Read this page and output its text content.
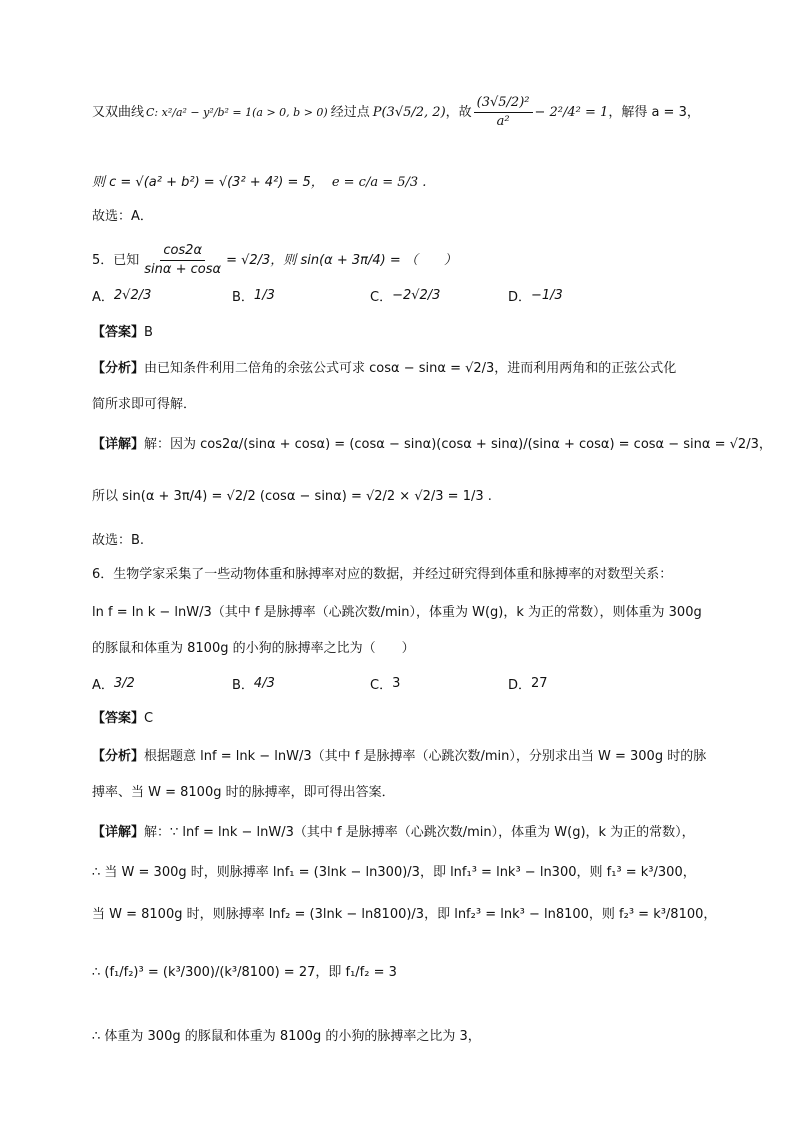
又双曲线 C: x²/a² − y²/b² = 1(a > 0, b > 0) 经过点 P(3√5/2, 2) ，故 $\frac{\text{(3√5/2)²}}{\text{a²}} - 2^2/4^2 = 1$ ，解得 a = 3，
则 c = √(a² + b²) = √(3² + 4²) = 5， e = c/a = 5/3 .
故选：A．
5．已知 $\frac{\cos 2\alpha}{\sin\alpha + \cos\alpha} = √2/3$，则 sin(α + 3π/4) = （　　）
A． 2√2/3	B． 1/3	C． −2√2/3	D． −1/3
【答案】 B
【分析】 由已知条件利用二倍角的余弦公式可求 cosα − sinα = √2/3，进而利用两角和的正弦公式化
简所求即可得解．
【详解】 解：因为 cos2α/(sinα + cosα) = (cosα − sinα)(cosα + sinα)/(sinα + cosα) = cosα − sinα = √2/3，
所以 sin(α + 3π/4) = √2/2 (cosα − sinα) = √2/2 × √2/3 = 1/3 .
故选：B.
6．生物学家采集了一些动物体重和脉搏率对应的数据，并经过研究得到体重和脉搏率的对数型关系：
ln f = ln k − lnW/3（其中 f 是脉搏率（心跳次数/min），体重为 W(g)，k 为正的常数），则体重为 300g
的豚鼠和体重为 8100g 的小狗的脉搏率之比为（　　）
A． 3/2	B． 4/3	C． 3	D． 27
【答案】 C
【分析】 根据题意 lnf = lnk − lnW/3（其中 f 是脉搏率（心跳次数/min），分别求出当 W = 300g 时的脉
搏率、当 W = 8100g 时的脉搏率，即可得出答案．
【详解】 解：∵ lnf = lnk − lnW/3（其中 f 是脉搏率（心跳次数/min），体重为 W(g)，k 为正的常数），
∴ 当 W = 300g 时，则脉搏率 lnf₁ = (3lnk − ln300)/3，即 lnf₁³ = lnk³ − ln300，则 f₁³ = k³/300，
当 W = 8100g 时，则脉搏率 lnf₂ = (3lnk − ln8100)/3，即 lnf₂³ = lnk³ − ln8100，则 f₂³ = k³/8100，
∴ (f₁/f₂)³ = (k³/300)/(k³/8100) = 27，即 f₁/f₂ = 3
∴ 体重为 300g 的豚鼠和体重为 8100g 的小狗的脉搏率之比为 3，
